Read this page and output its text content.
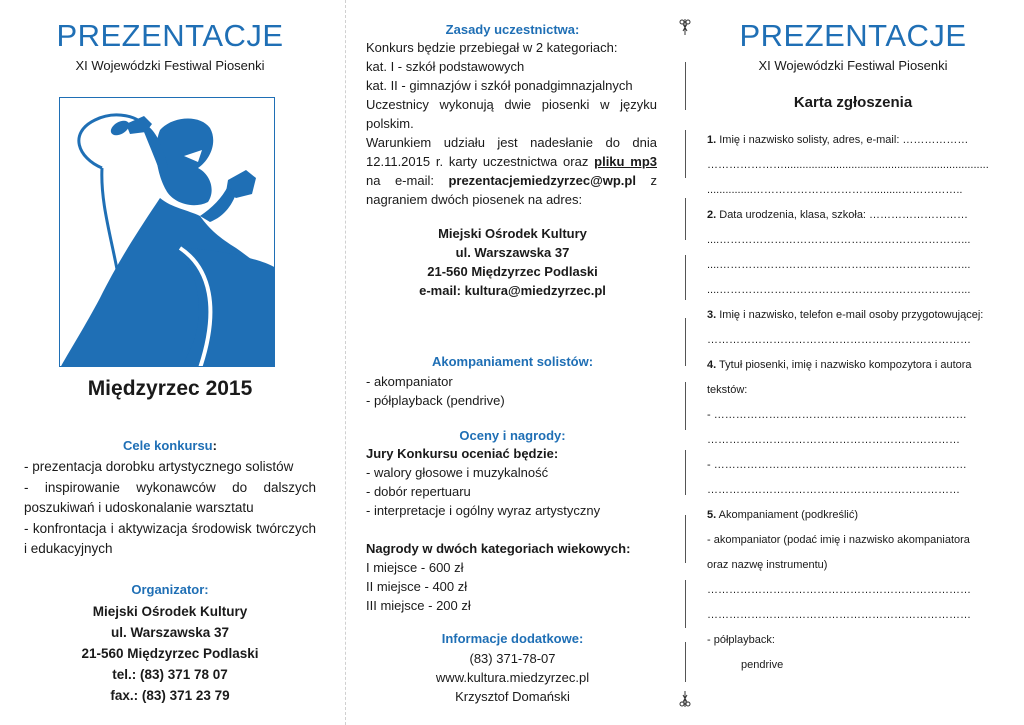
PREZENTACJE
XI Wojewódzki Festiwal Piosenki
Międzyrzec 2015
Cele konkursu:
- prezentacja dorobku artystycznego solistów
- inspirowanie wykonawców do dalszych poszukiwań i udoskonalanie warsztatu
- konfrontacja i aktywizacja środowisk twórczych i edukacyjnych
Organizator:
Miejski Ośrodek Kultury
ul. Warszawska 37
21-560 Międzyrzec Podlaski
tel.: (83) 371 78 07
fax.: (83) 371 23 79
Zasady uczestnictwa:
Konkurs będzie przebiegał w 2 kategoriach:
kat. I - szkół podstawowych
kat. II - gimnazjów i szkół ponadgimnazjalnych
Uczestnicy wykonują dwie piosenki w języku polskim.
Warunkiem udziału jest nadesłanie do dnia 12.11.2015 r. karty uczestnictwa oraz pliku mp3 na e-mail: prezentacjemiedzyrzec@wp.pl z nagraniem dwóch piosenek na adres:
Miejski Ośrodek Kultury
ul. Warszawska 37
21-560 Międzyrzec Podlaski
e-mail: kultura@miedzyrzec.pl
Akompaniament solistów:
- akompaniator
- półplayback (pendrive)
Oceny i nagrody:
Jury Konkursu oceniać będzie:
- walory głosowe i muzykalność
- dobór repertuaru
- interpretacje i ogólny wyraz artystyczny
Nagrody w dwóch kategoriach wiekowych:
I miejsce - 600 zł
II miejsce - 400 zł
III miejsce - 200 zł
Informacje dodatkowe:
(83) 371-78-07
www.kultura.miedzyrzec.pl
Krzysztof Domański
PREZENTACJE
XI Wojewódzki Festiwal Piosenki
Karta zgłoszenia
1. Imię i nazwisko solisty, adres, e-mail: ………………
…………………...................................................................
...............…………………………….........……………..
2. Data urodzenia, klasa, szkoła: ………………………
....…………………………………………………………...
....…………………………………………………………...
....…………………………………………………………...
3. Imię i nazwisko, telefon e-mail osoby przygotowującej:
………………………………………………………………
4. Tytuł piosenki, imię i nazwisko kompozytora i autora
tekstów:
- ……………………………………………………………
……………………………………………………………
- ……………………………………………………………
……………………………………………………………
5. Akompaniament (podkreślić)
- akompaniator (podać imię i nazwisko akompaniatora
oraz nazwę instrumentu)
………………………………………………………………
………………………………………………………………
- półplayback:
pendrive
